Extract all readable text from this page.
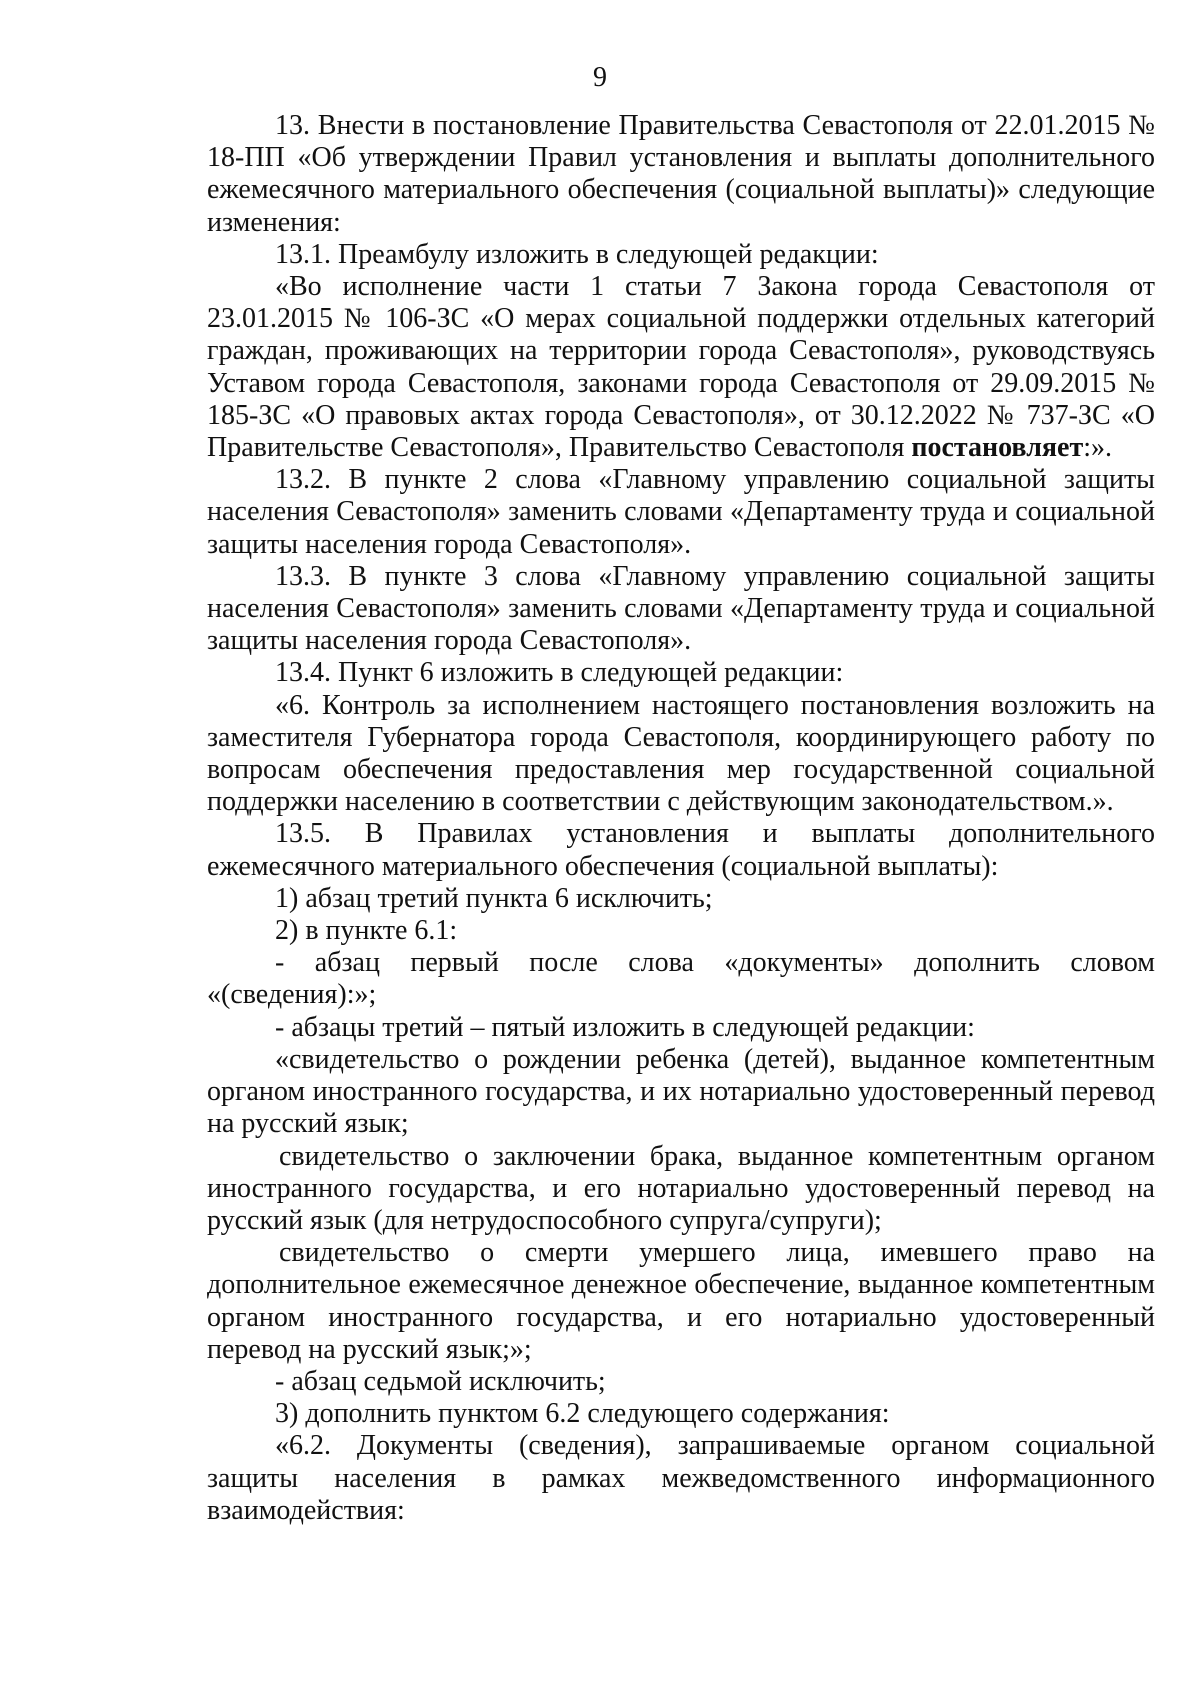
9

13. Внести в постановление Правительства Севастополя от 22.01.2015 № 18-ПП «Об утверждении Правил установления и выплаты дополнительного ежемесячного материального обеспечения (социальной выплаты)» следующие изменения:

13.1. Преамбулу изложить в следующей редакции:

«Во исполнение части 1 статьи 7 Закона города Севастополя от 23.01.2015 № 106-ЗС «О мерах социальной поддержки отдельных категорий граждан, проживающих на территории города Севастополя», руководствуясь Уставом города Севастополя, законами города Севастополя от 29.09.2015 № 185-ЗС «О правовых актах города Севастополя», от 30.12.2022 № 737-ЗС «О Правительстве Севастополя», Правительство Севастополя постановляет:».

13.2. В пункте 2 слова «Главному управлению социальной защиты населения Севастополя» заменить словами «Департаменту труда и социальной защиты населения города Севастополя».

13.3. В пункте 3 слова «Главному управлению социальной защиты населения Севастополя» заменить словами «Департаменту труда и социальной защиты населения города Севастополя».

13.4. Пункт 6 изложить в следующей редакции:

«6. Контроль за исполнением настоящего постановления возложить на заместителя Губернатора города Севастополя, координирующего работу по вопросам обеспечения предоставления мер государственной социальной поддержки населению в соответствии с действующим законодательством.».

13.5. В Правилах установления и выплаты дополнительного ежемесячного материального обеспечения (социальной выплаты):

1) абзац третий пункта 6 исключить;

2) в пункте 6.1:

- абзац первый после слова «документы» дополнить словом «(сведения):»;

- абзацы третий – пятый изложить в следующей редакции:

«свидетельство о рождении ребенка (детей), выданное компетентным органом иностранного государства, и их нотариально удостоверенный перевод на русский язык;

свидетельство о заключении брака, выданное компетентным органом иностранного государства, и его нотариально удостоверенный перевод на русский язык (для нетрудоспособного супруга/супруги);

свидетельство о смерти умершего лица, имевшего право на дополнительное ежемесячное денежное обеспечение, выданное компетентным органом иностранного государства, и его нотариально удостоверенный перевод на русский язык;»;

- абзац седьмой исключить;

3) дополнить пунктом 6.2 следующего содержания:

«6.2. Документы (сведения), запрашиваемые органом социальной защиты населения в рамках межведомственного информационного взаимодействия:
